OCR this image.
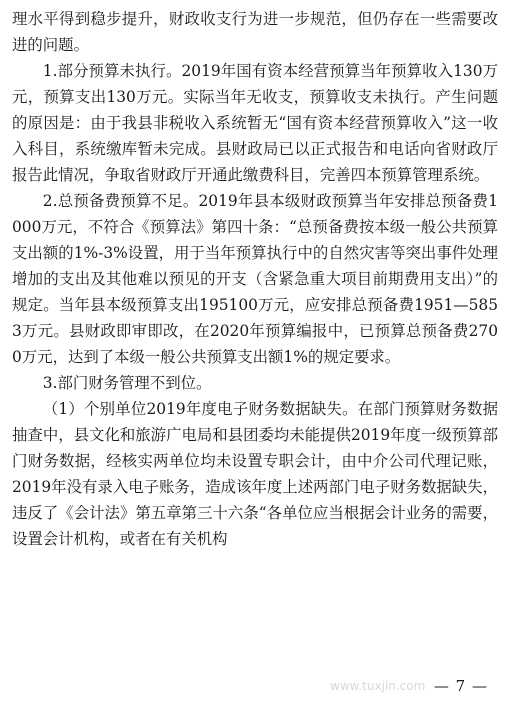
理水平得到稳步提升，财政收支行为进一步规范，但仍存在一些需要改进的问题。

1.部分预算未执行。2019年国有资本经营预算当年预算收入130万元，预算支出130万元。实际当年无收支，预算收支未执行。产生问题的原因是：由于我县非税收入系统暂无“国有资本经营预算收入”这一收入科目，系统缴库暂未完成。县财政局已以正式报告和电话向省财政厅报告此情况，争取省财政厅开通此缴费科目，完善四本预算管理系统。

2.总预备费预算不足。2019年县本级财政预算当年安排总预备费1000万元，不符合《预算法》第四十条：“总预备费按本级一般公共预算支出额的1%-3%设置，用于当年预算执行中的自然灾害等突出事件处理增加的支出及其他难以预见的开支（含紧急重大项目前期费用支出）”的规定。当年县本级预算支出195100万元，应安排总预备费1951—5853万元。县财政即审即改，在2020年预算编报中，已预算总预备费2700万元，达到了本级一般公共预算支出额1%的规定要求。

3.部门财务管理不到位。

（1）个别单位2019年度电子财务数据缺失。在部门预算财务数据抽查中，县文化和旅游广电局和县团委均未能提供2019年度一级预算部门财务数据，经核实两单位均未设置专职会计，由中介公司代理记账，2019年没有录入电子账务，造成该年度上述两部门电子财务数据缺失，违反了《会计法》第五章第三十六条“各单位应当根据会计业务的需要，设置会计机构，或者在有关机构

www.tuxjin.com — 7 —
